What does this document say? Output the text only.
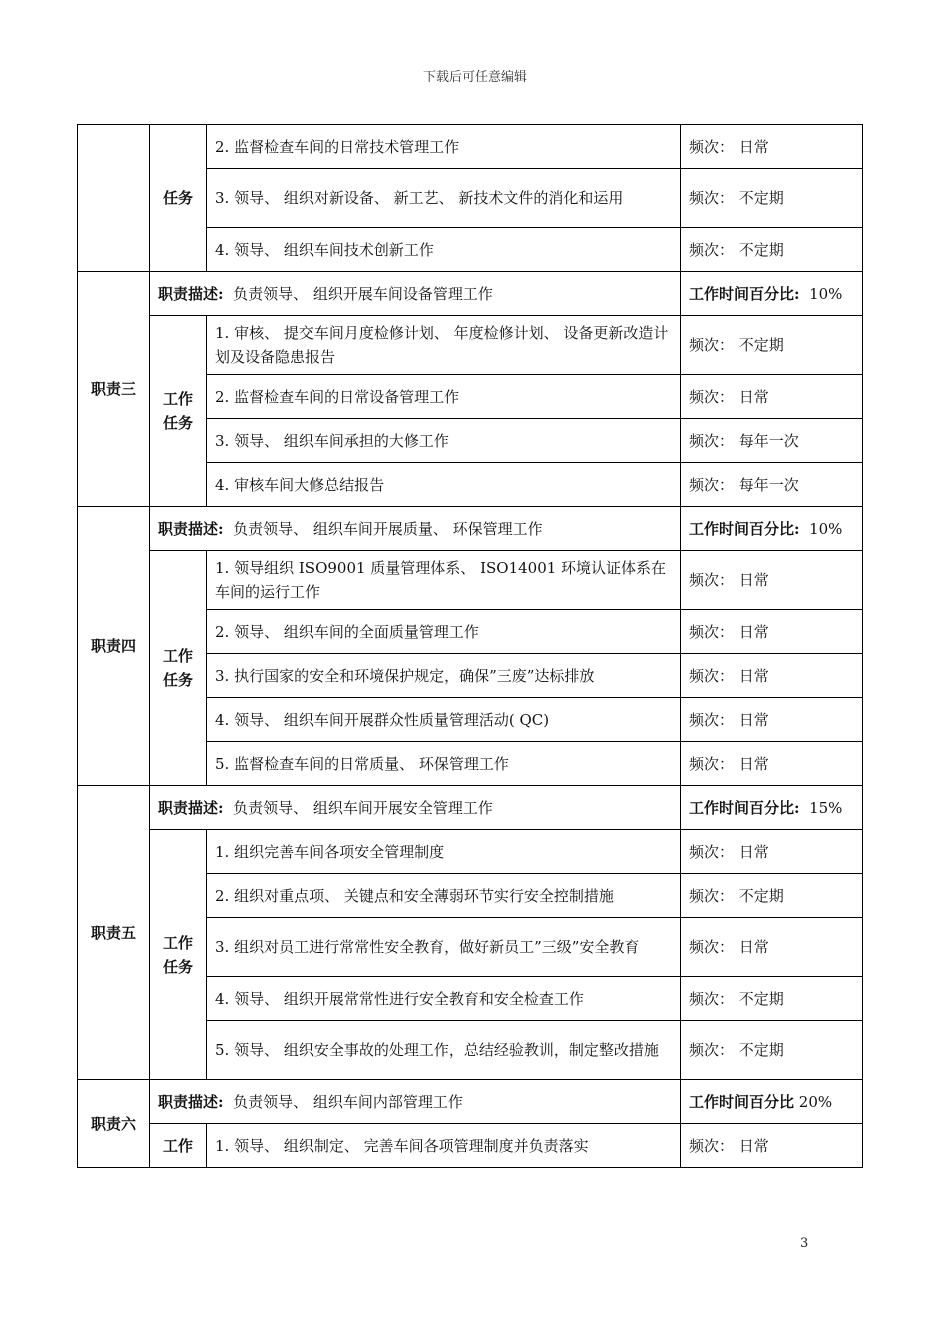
下载后可任意编辑
	任务	2. 监督检查车间的日常技术管理工作	频次： 日常
		3. 领导、 组织对新设备、 新工艺、 新技术文件的消化和运用	频次： 不定期
		4. 领导、 组织车间技术创新工作	频次： 不定期
职责三	职责描述: 负责领导、 组织开展车间设备管理工作		工作时间百分比: 10%
	工作任务	1. 审核、 提交车间月度检修计划、 年度检修计划、 设备更新改造计划及设备隐患报告	频次： 不定期
		2. 监督检查车间的日常设备管理工作	频次： 日常
		3. 领导、 组织车间承担的大修工作	频次： 每年一次
		4. 审核车间大修总结报告	频次： 每年一次
职责四	职责描述: 负责领导、 组织车间开展质量、 环保管理工作		工作时间百分比: 10%
	工作任务	1. 领导组织 ISO9001 质量管理体系、 ISO14001 环境认证体系在车间的运行工作	频次： 日常
		2. 领导、 组织车间的全面质量管理工作	频次： 日常
		3. 执行国家的安全和环境保护规定，确保”三废”达标排放	频次： 日常
		4. 领导、 组织车间开展群众性质量管理活动( QC)	频次： 日常
		5. 监督检查车间的日常质量、 环保管理工作	频次： 日常
职责五	职责描述: 负责领导、 组织车间开展安全管理工作		工作时间百分比: 15%
	工作任务	1. 组织完善车间各项安全管理制度	频次： 日常
		2. 组织对重点项、 关键点和安全薄弱环节实行安全控制措施	频次： 不定期
		3. 组织对员工进行常常性安全教育，做好新员工”三级”安全教育	频次： 日常
		4. 领导、 组织开展常常性进行安全教育和安全检查工作	频次： 不定期
		5. 领导、 组织安全事故的处理工作，总结经验教训，制定整改措施	频次： 不定期
职责六	职责描述: 负责领导、 组织车间内部管理工作		工作时间百分比 20%
	工作	1. 领导、 组织制定、 完善车间各项管理制度并负责落实	频次： 日常
3
